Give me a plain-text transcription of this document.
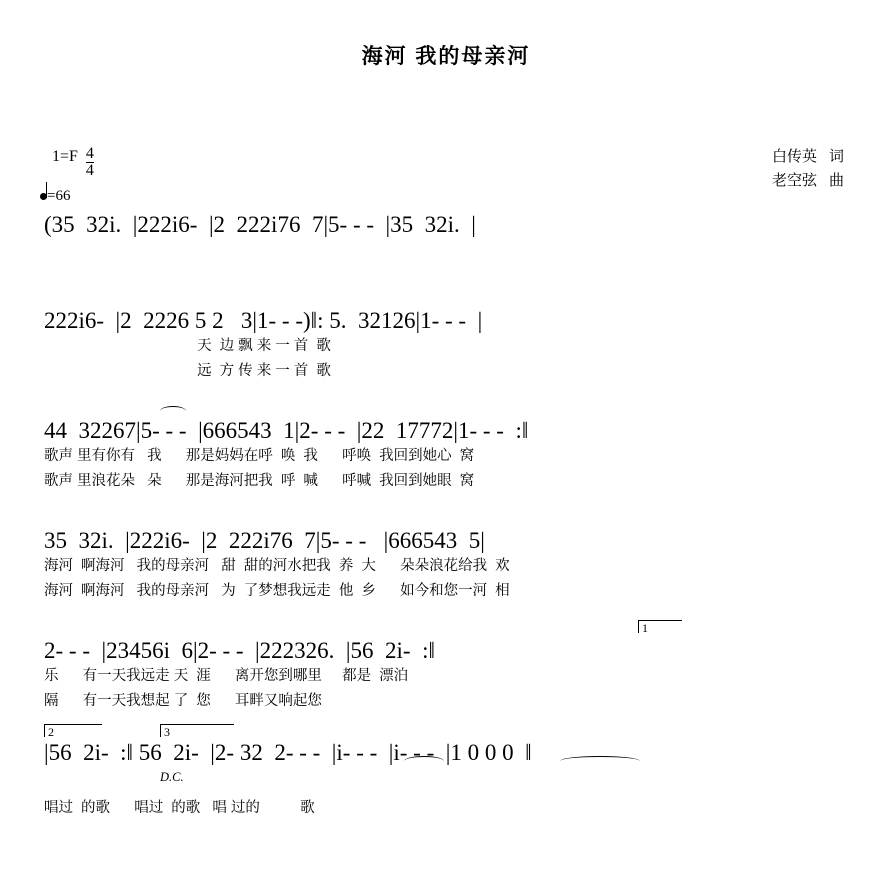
海河 我的母亲河
$1=F \frac{4}{4}$
=66
白传英 词
老空弦 曲
(35  32i.  |222i6-  |2  222i76  7|5- - -  |35  32i.  |
222i6-  |2  2226 5 2   3|1- - -)‖: 5.  32126|1- - -  |
天  边 飘 来 一 首  歌
远  方 传 来 一 首  歌
44  32267|5- - -  |666543  1|2- - -  |22  17772|1- - -  :‖
歌声 里有你有   我      那是妈妈在呼  唤  我      呼唤  我回到她心  窝
歌声 里浪花朵   朵      那是海河把我  呼  喊      呼喊  我回到她眼  窝
35  32i.  |222i6-  |2  222i76  7|5- - -   |666543  5|
海河  啊海河   我的母亲河   甜  甜的河水把我  养  大      朵朵浪花给我  欢
海河  啊海河   我的母亲河   为  了梦想我远走  他  乡      如今和您一河  相
1
2- - -  |23456i  6|2- - -  |222326.  |56  2i-  :‖
乐      有一天我远走 天  涯      离开您到哪里     都是  漂泊
隔      有一天我想起 了  您      耳畔又响起您
2	3
|56  2i-  :‖ 56  2i-  |2- 32  2- - -  |i- - -  |i- - -  |1 0 0 0  ‖
D.C.
唱过  的歌      唱过  的歌   唱 过的          歌
